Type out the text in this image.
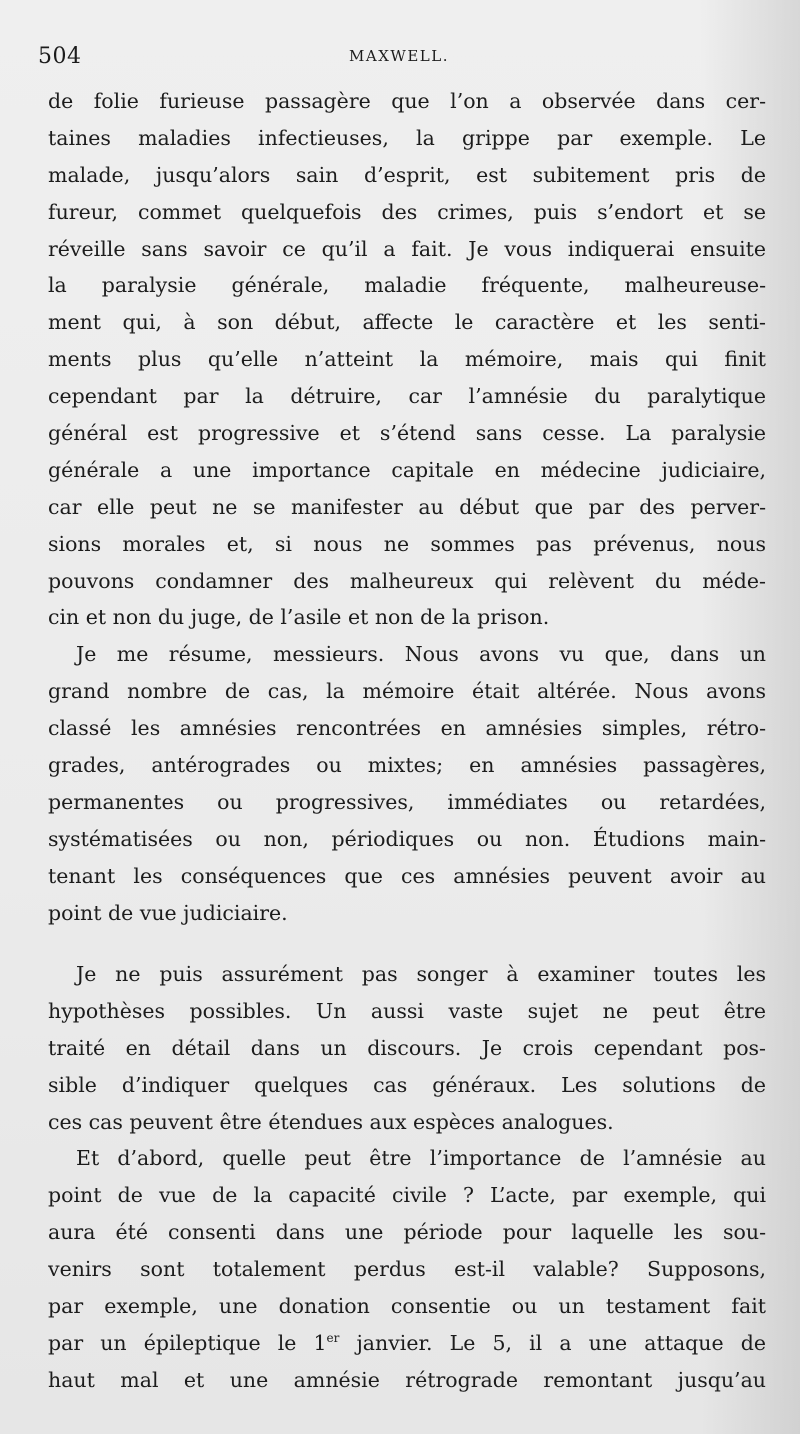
504	MAXWELL.
de folie furieuse passagère que l’on a observée dans cer-
taines maladies infectieuses, la grippe par exemple. Le
malade, jusqu’alors sain d’esprit, est subitement pris de
fureur, commet quelquefois des crimes, puis s’endort et se
réveille sans savoir ce qu’il a fait. Je vous indiquerai ensuite
la paralysie générale, maladie fréquente, malheureuse-
ment qui, à son début, affecte le caractère et les senti-
ments plus qu’elle n’atteint la mémoire, mais qui finit
cependant par la détruire, car l’amnésie du paralytique
général est progressive et s’étend sans cesse. La paralysie
générale a une importance capitale en médecine judiciaire,
car elle peut ne se manifester au début que par des perver-
sions morales et, si nous ne sommes pas prévenus, nous
pouvons condamner des malheureux qui relèvent du méde-
cin et non du juge, de l’asile et non de la prison.
Je me résume, messieurs. Nous avons vu que, dans un
grand nombre de cas, la mémoire était altérée. Nous avons
classé les amnésies rencontrées en amnésies simples, rétro-
grades, antérogrades ou mixtes; en amnésies passagères,
permanentes ou progressives, immédiates ou retardées,
systématisées ou non, périodiques ou non. Étudions main-
tenant les conséquences que ces amnésies peuvent avoir au
point de vue judiciaire.
Je ne puis assurément pas songer à examiner toutes les
hypothèses possibles. Un aussi vaste sujet ne peut être
traité en détail dans un discours. Je crois cependant pos-
sible d’indiquer quelques cas généraux. Les solutions de
ces cas peuvent être étendues aux espèces analogues.
Et d’abord, quelle peut être l’importance de l’amnésie au
point de vue de la capacité civile ? L’acte, par exemple, qui
aura été consenti dans une période pour laquelle les sou-
venirs sont totalement perdus est-il valable? Supposons,
par exemple, une donation consentie ou un testament fait
par un épileptique le 1er janvier. Le 5, il a une attaque de
haut mal et une amnésie rétrograde remontant jusqu’au
